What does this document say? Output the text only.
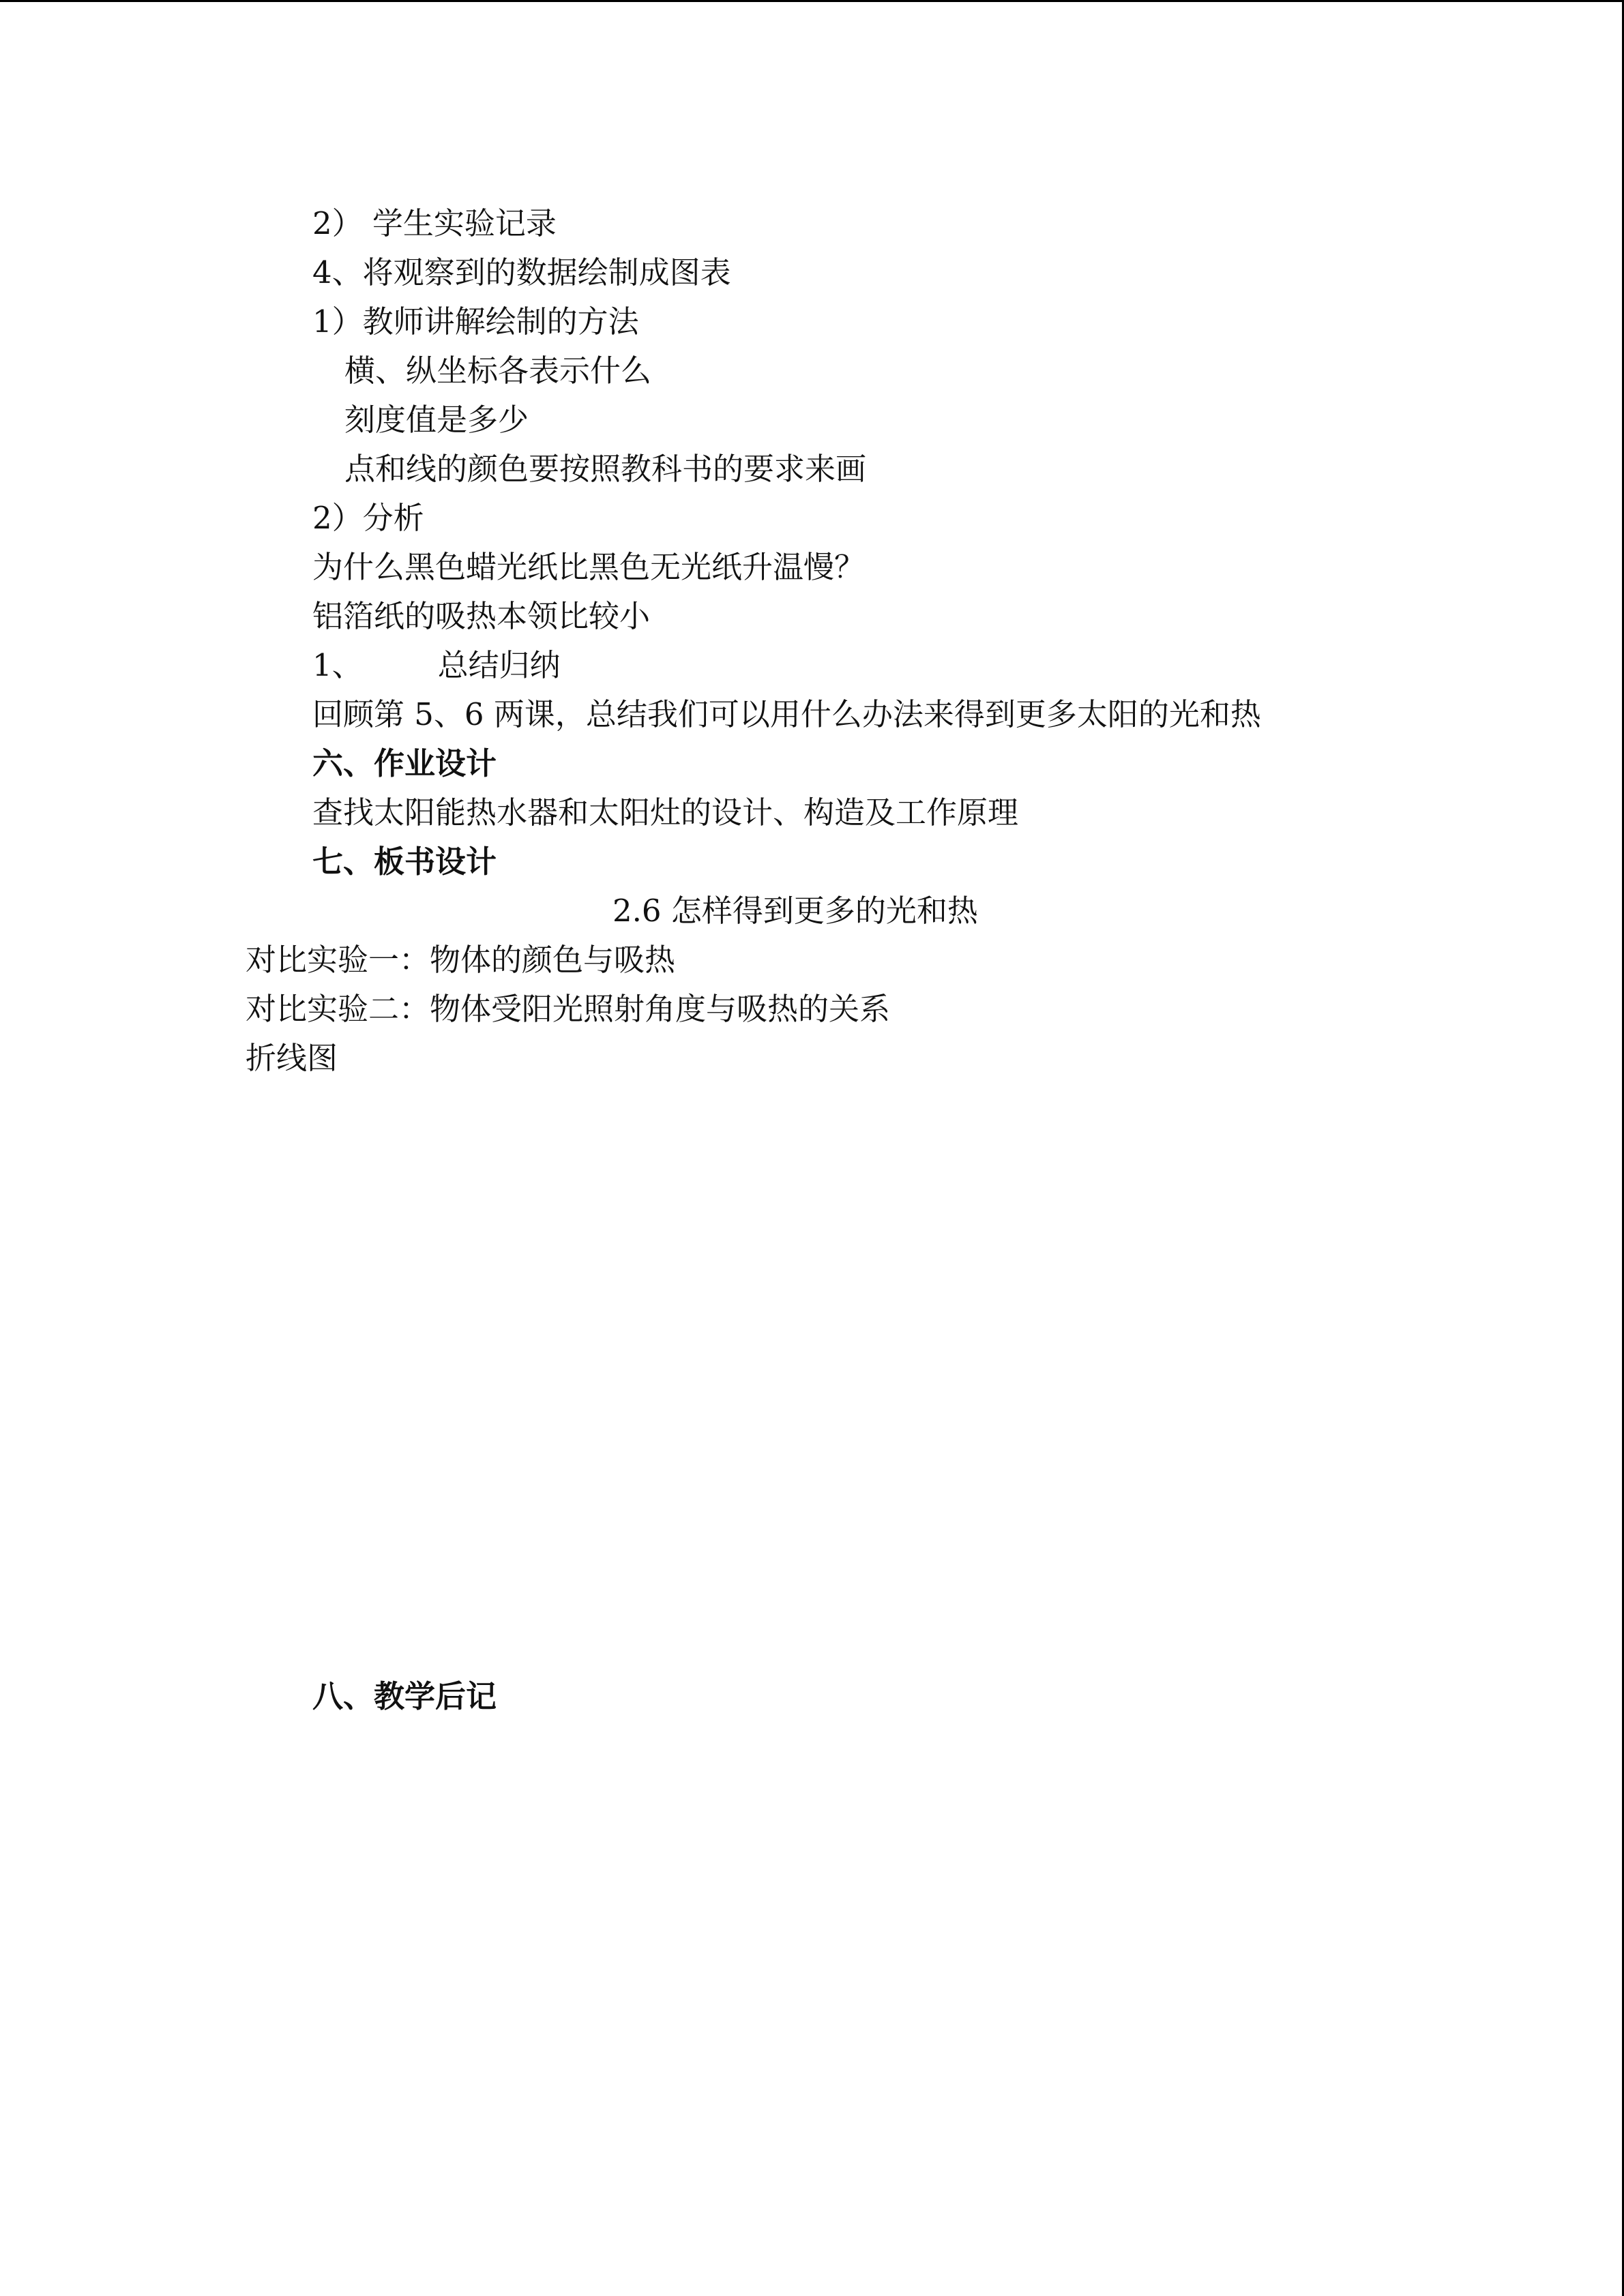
2） 学生实验记录
4、将观察到的数据绘制成图表
1）教师讲解绘制的方法
横、纵坐标各表示什么
刻度值是多少
点和线的颜色要按照教科书的要求来画
2）分析
为什么黑色蜡光纸比黑色无光纸升温慢？
铝箔纸的吸热本领比较小
1、 总结归纳
回顾第 5、6 两课，总结我们可以用什么办法来得到更多太阳的光和热
六、作业设计
查找太阳能热水器和太阳灶的设计、构造及工作原理
七、板书设计
2.6 怎样得到更多的光和热
对比实验一：物体的颜色与吸热
对比实验二：物体受阳光照射角度与吸热的关系
折线图
八、教学后记
